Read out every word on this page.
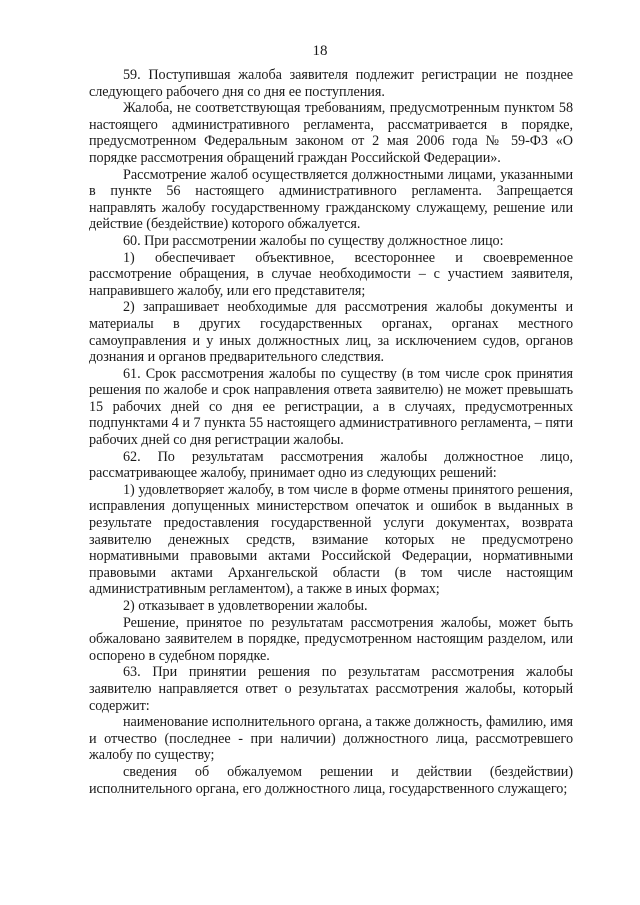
18

59. Поступившая жалоба заявителя подлежит регистрации не позднее следующего рабочего дня со дня ее поступления.

Жалоба, не соответствующая требованиям, предусмотренным пунктом 58 настоящего административного регламента, рассматривается в порядке, предусмотренном Федеральным законом от 2 мая 2006 года № 59-ФЗ «О порядке рассмотрения обращений граждан Российской Федерации».

Рассмотрение жалоб осуществляется должностными лицами, указанными в пункте 56 настоящего административного регламента. Запрещается направлять жалобу государственному гражданскому служащему, решение или действие (бездействие) которого обжалуется.

60. При рассмотрении жалобы по существу должностное лицо:

1) обеспечивает объективное, всестороннее и своевременное рассмотрение обращения, в случае необходимости – с участием заявителя, направившего жалобу, или его представителя;

2) запрашивает необходимые для рассмотрения жалобы документы и материалы в других государственных органах, органах местного самоуправления и у иных должностных лиц, за исключением судов, органов дознания и органов предварительного следствия.

61. Срок рассмотрения жалобы по существу (в том числе срок принятия решения по жалобе и срок направления ответа заявителю) не может превышать 15 рабочих дней со дня ее регистрации, а в случаях, предусмотренных подпунктами 4 и 7 пункта 55 настоящего административного регламента, – пяти рабочих дней со дня регистрации жалобы.

62. По результатам рассмотрения жалобы должностное лицо, рассматривающее жалобу, принимает одно из следующих решений:

1) удовлетворяет жалобу, в том числе в форме отмены принятого решения, исправления допущенных министерством опечаток и ошибок в выданных в результате предоставления государственной услуги документах, возврата заявителю денежных средств, взимание которых не предусмотрено нормативными правовыми актами Российской Федерации, нормативными правовыми актами Архангельской области (в том числе настоящим административным регламентом), а также в иных формах;

2) отказывает в удовлетворении жалобы.

Решение, принятое по результатам рассмотрения жалобы, может быть обжаловано заявителем в порядке, предусмотренном настоящим разделом, или оспорено в судебном порядке.

63. При принятии решения по результатам рассмотрения жалобы заявителю направляется ответ о результатах рассмотрения жалобы, который содержит:

наименование исполнительного органа, а также должность, фамилию, имя и отчество (последнее - при наличии) должностного лица, рассмотревшего жалобу по существу;

сведения об обжалуемом решении и действии (бездействии) исполнительного органа, его должностного лица, государственного служащего;
